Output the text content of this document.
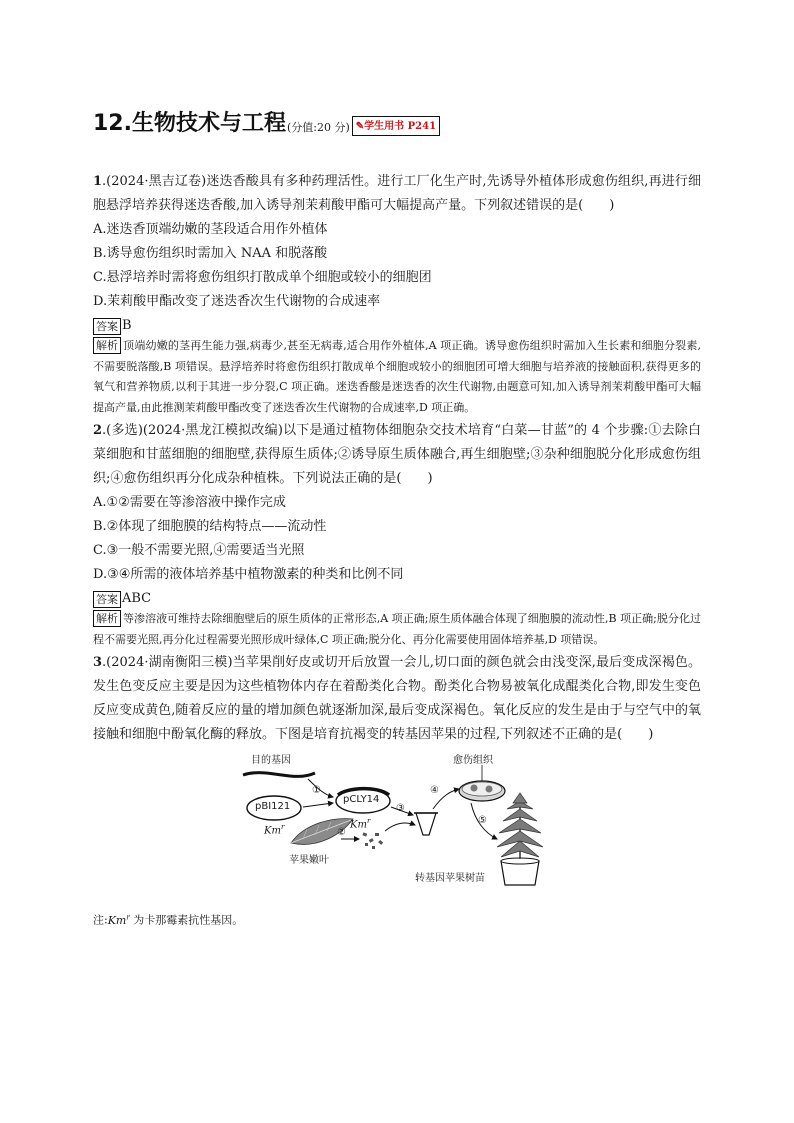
12.生物技术与工程 (分值:20 分) ✎学生用书 P241

1.(2024·黑吉辽卷)迷迭香酸具有多种药理活性。进行工厂化生产时,先诱导外植体形成愈伤组织,再进行细胞悬浮培养获得迷迭香酸,加入诱导剂茉莉酸甲酯可大幅提高产量。下列叙述错误的是(　　)

A.迷迭香顶端幼嫩的茎段适合用作外植体

B.诱导愈伤组织时需加入 NAA 和脱落酸

C.悬浮培养时需将愈伤组织打散成单个细胞或较小的细胞团

D.茉莉酸甲酯改变了迷迭香次生代谢物的合成速率

答案 B

解析 顶端幼嫩的茎再生能力强,病毒少,甚至无病毒,适合用作外植体,A 项正确。诱导愈伤组织时需加入生长素和细胞分裂素,不需要脱落酸,B 项错误。悬浮培养时将愈伤组织打散成单个细胞或较小的细胞团可增大细胞与培养液的接触面积,获得更多的氧气和营养物质,以利于其进一步分裂,C 项正确。迷迭香酸是迷迭香的次生代谢物,由题意可知,加入诱导剂茉莉酸甲酯可大幅提高产量,由此推测茉莉酸甲酯改变了迷迭香次生代谢物的合成速率,D 项正确。

2.(多选)(2024·黑龙江模拟改编)以下是通过植物体细胞杂交技术培育“白菜—甘蓝”的 4 个步骤:①去除白菜细胞和甘蓝细胞的细胞壁,获得原生质体;②诱导原生质体融合,再生细胞壁;③杂种细胞脱分化形成愈伤组织;④愈伤组织再分化成杂种植株。下列说法正确的是(　　)

A.①②需要在等渗溶液中操作完成

B.②体现了细胞膜的结构特点——流动性

C.③一般不需要光照,④需要适当光照

D.③④所需的液体培养基中植物激素的种类和比例不同

答案 ABC

解析 等渗溶液可维持去除细胞壁后的原生质体的正常形态,A 项正确;原生质体融合体现了细胞膜的流动性,B 项正确;脱分化过程不需要光照,再分化过程需要光照形成叶绿体,C 项正确;脱分化、再分化需要使用固体培养基,D 项错误。

3.(2024·湖南衡阳三模)当苹果削好皮或切开后放置一会儿,切口面的颜色就会由浅变深,最后变成深褐色。发生色变反应主要是因为这些植物体内存在着酚类化合物。酚类化合物易被氧化成醌类化合物,即发生变色反应变成黄色,随着反应的量的增加颜色就逐渐加深,最后变成深褐色。氧化反应的发生是由于与空气中的氧接触和细胞中酚氧化酶的释放。下图是培育抗褐变的转基因苹果的过程,下列叙述不正确的是(　　)

目的基因
pBI121
Km$^r$
①
pCLY14
Km$^r$
③
④
愈伤组织
⑤
②
苹果嫩叶
转基因苹果树苗

注:Km$^r$ 为卡那霉素抗性基因。
